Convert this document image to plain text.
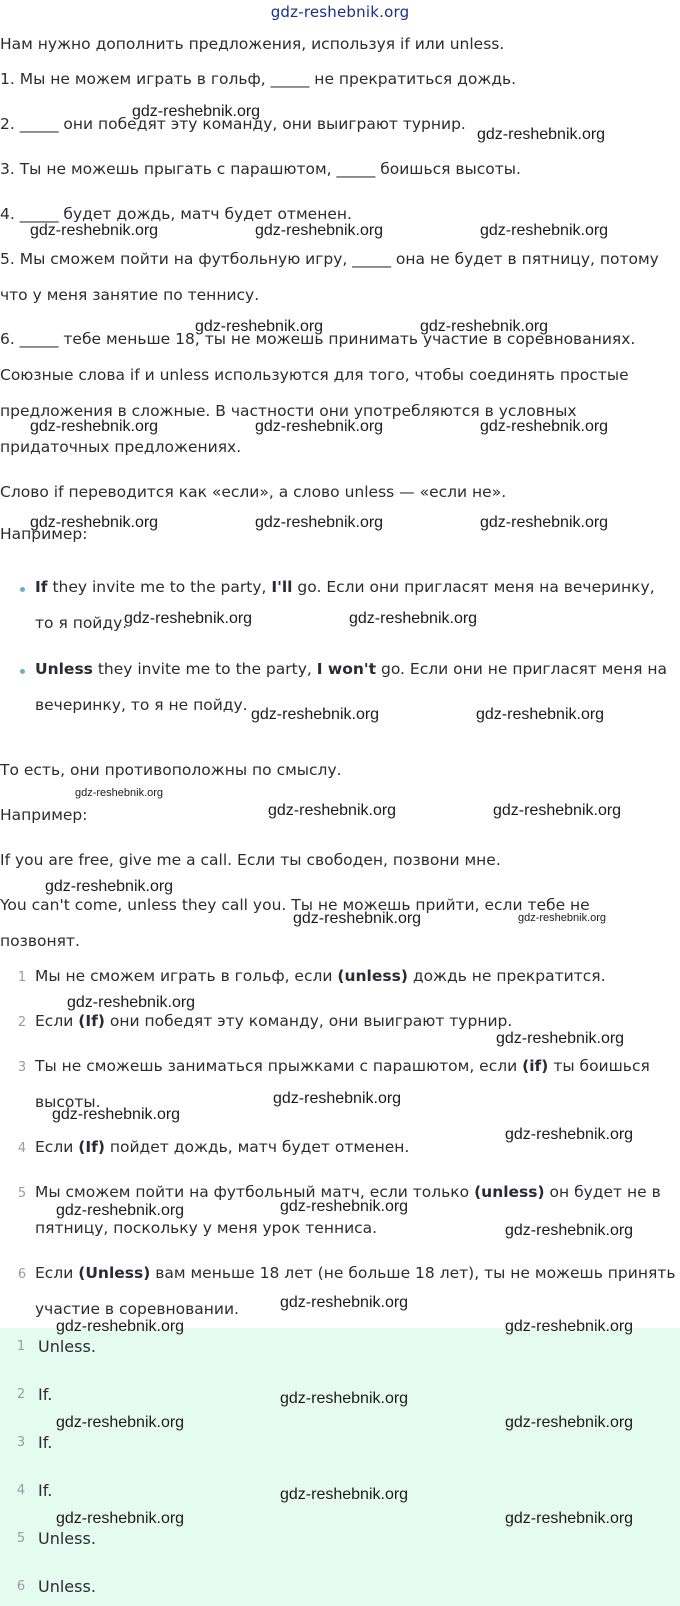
gdz-reshebnik.org
Нам нужно дополнить предложения, используя if или unless.
1. Мы не можем играть в гольф, _____ не прекратиться дождь.
2. _____ они победят эту команду, они выиграют турнир.
3. Ты не можешь прыгать с парашютом, _____ боишься высоты.
4. _____ будет дождь, матч будет отменен.
5. Мы сможем пойти на футбольную игру, _____ она не будет в пятницу, потому
что у меня занятие по теннису.
6. _____ тебе меньше 18, ты не можешь принимать участие в соревнованиях.
Союзные слова if и unless используются для того, чтобы соединять простые
предложения в сложные. В частности они употребляются в условных
придаточных предложениях.
Слово if переводится как «если», а слово unless — «если не».
Например:
If they invite me to the party, I'll go. Если они пригласят меня на вечеринку,
то я пойду.
Unless they invite me to the party, I won't go. Если они не пригласят меня на
вечеринку, то я не пойду.
То есть, они противоположны по смыслу.
Например:
If you are free, give me a call. Если ты свободен, позвони мне.
You can't come, unless they call you. Ты не можешь прийти, если тебе не
позвонят.
1 Мы не сможем играть в гольф, если (unless) дождь не прекратится.
2 Если (If) они победят эту команду, они выиграют турнир.
3 Ты не сможешь заниматься прыжками с парашютом, если (if) ты боишься
высоты.
4 Если (If) пойдет дождь, матч будет отменен.
5 Мы сможем пойти на футбольный матч, если только (unless) он будет не в
пятницу, поскольку у меня урок тенниса.
6 Если (Unless) вам меньше 18 лет (не больше 18 лет), ты не можешь принять
участие в соревновании.
1 Unless.
2 If.
3 If.
4 If.
5 Unless.
6 Unless.
gdz-reshebnik.org
gdz-reshebnik.org
gdz-reshebnik.org	gdz-reshebnik.org	gdz-reshebnik.org
gdz-reshebnik.org	gdz-reshebnik.org
gdz-reshebnik.org	gdz-reshebnik.org	gdz-reshebnik.org
gdz-reshebnik.org	gdz-reshebnik.org	gdz-reshebnik.org
gdz-reshebnik.org	gdz-reshebnik.org
gdz-reshebnik.org	gdz-reshebnik.org
gdz-reshebnik.org
gdz-reshebnik.org	gdz-reshebnik.org
gdz-reshebnik.org
gdz-reshebnik.org	gdz-reshebnik.org
gdz-reshebnik.org
gdz-reshebnik.org
gdz-reshebnik.org
gdz-reshebnik.org
gdz-reshebnik.org
gdz-reshebnik.org
gdz-reshebnik.org
gdz-reshebnik.org
gdz-reshebnik.org
gdz-reshebnik.org	gdz-reshebnik.org
gdz-reshebnik.org
gdz-reshebnik.org	gdz-reshebnik.org
gdz-reshebnik.org
gdz-reshebnik.org	gdz-reshebnik.org
